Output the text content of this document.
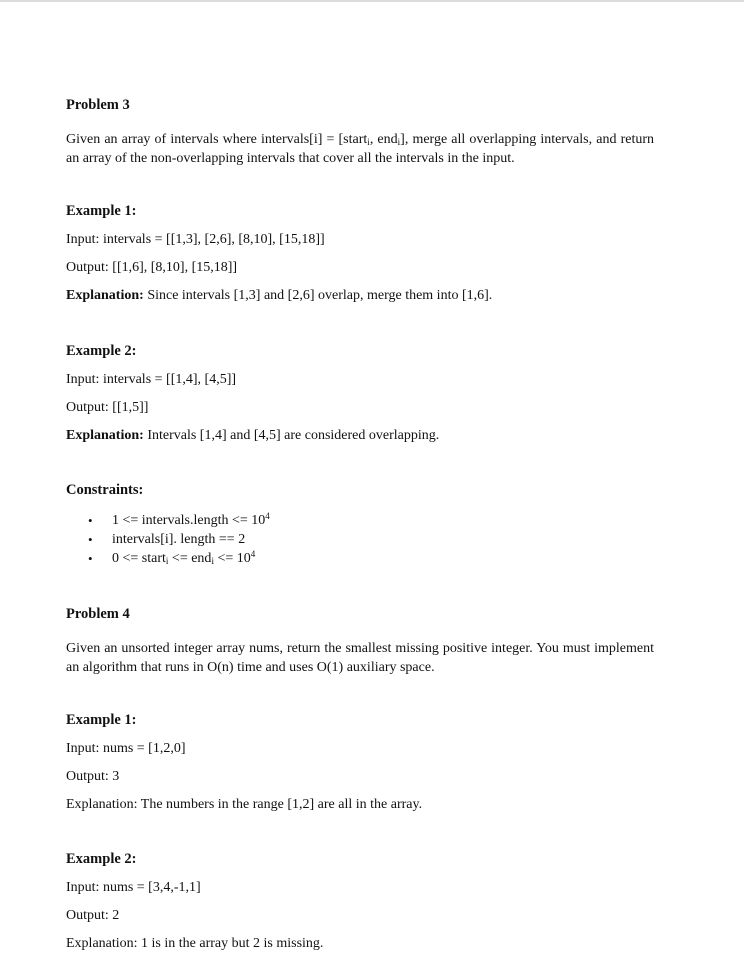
Problem 3

Given an array of intervals where intervals[i] = [start$_i$, end$_i$], merge all overlapping intervals, and return an array of the non-overlapping intervals that cover all the intervals in the input.

Example 1:

Input: intervals = [[1,3], [2,6], [8,10], [15,18]]

Output: [[1,6], [8,10], [15,18]]

Explanation: Since intervals [1,3] and [2,6] overlap, merge them into [1,6].

Example 2:

Input: intervals = [[1,4], [4,5]]

Output: [[1,5]]

Explanation: Intervals [1,4] and [4,5] are considered overlapping.

Constraints:

• 1 <= intervals.length <= $10^4$
• intervals[i]. length == 2
• 0 <= start$_i$ <= $end_i <= 10^4$

Problem 4

Given an unsorted integer array nums, return the smallest missing positive integer. You must implement an algorithm that runs in O(n) time and uses O(1) auxiliary space.

Example 1:

Input: nums = [1,2,0]

Output: 3

Explanation: The numbers in the range [1,2] are all in the array.

Example 2:

Input: nums = [3,4,-1,1]

Output: 2

Explanation: 1 is in the array but 2 is missing.
